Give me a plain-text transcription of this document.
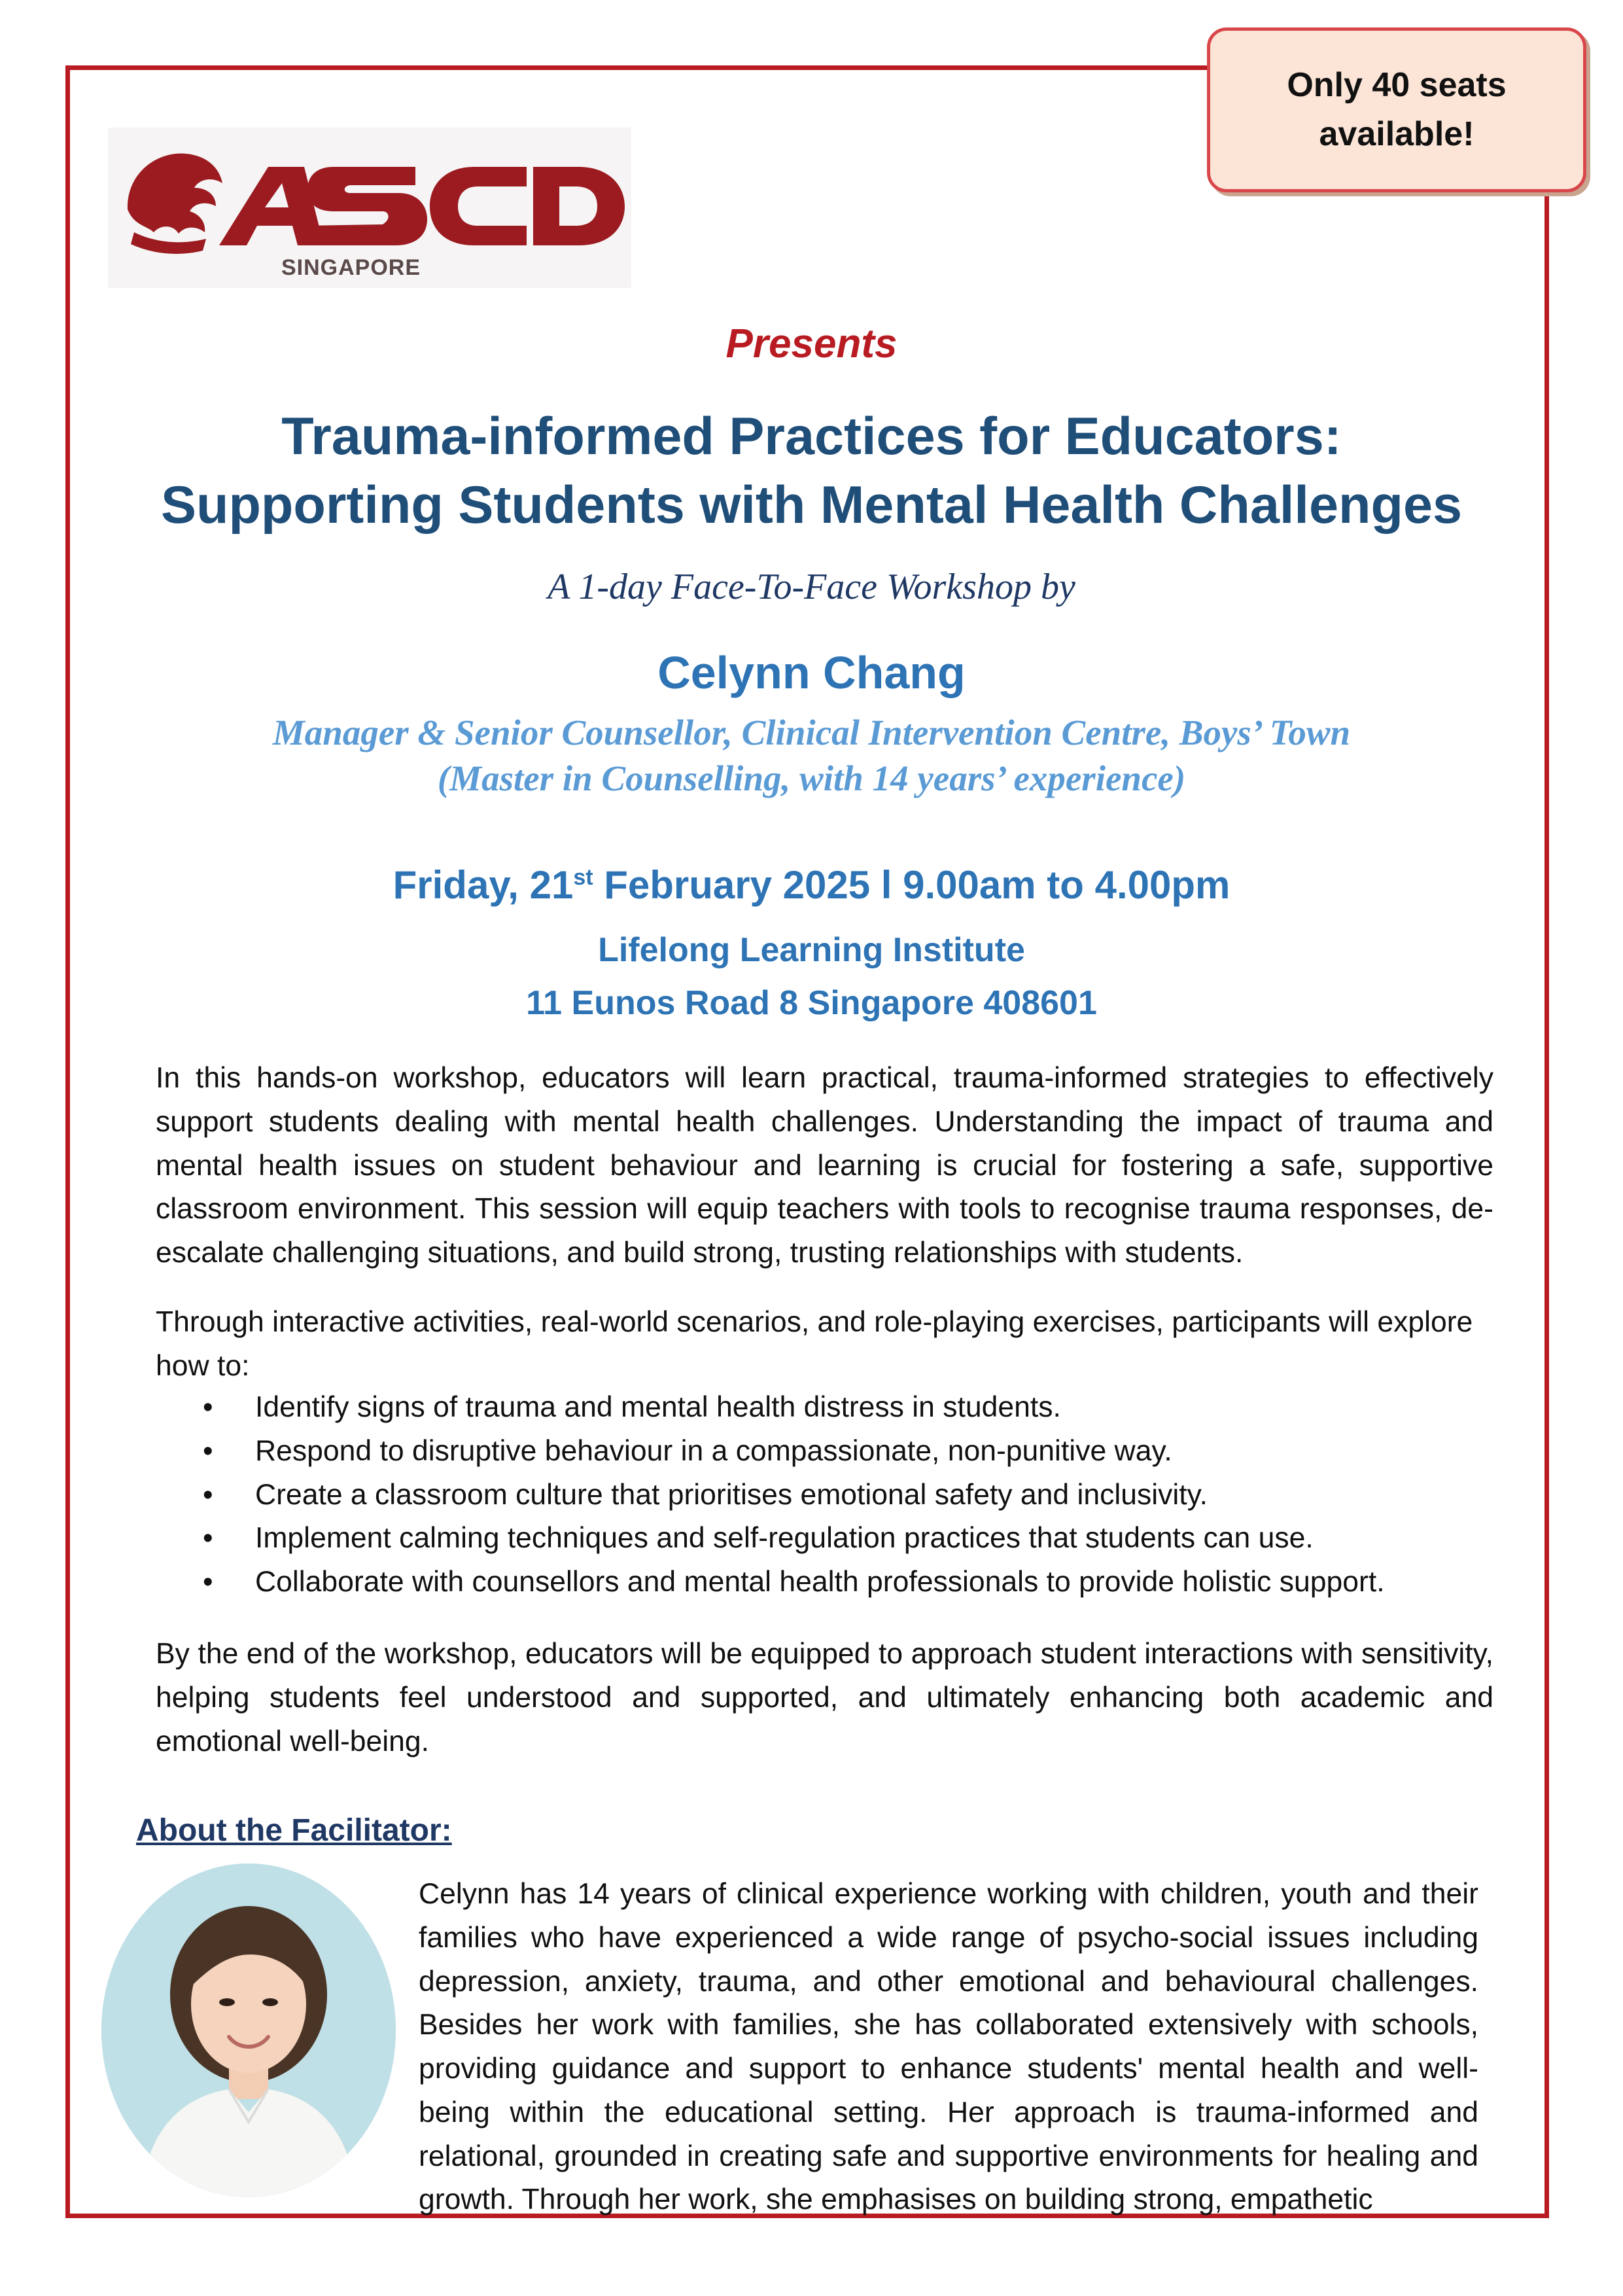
Only 40 seats
available!
SINGAPORE
Presents
Trauma-informed Practices for Educators:
Supporting Students with Mental Health Challenges
A 1-day Face-To-Face Workshop by
Celynn Chang
Manager & Senior Counsellor, Clinical Intervention Centre, Boys’ Town
(Master in Counselling, with 14 years’ experience)
Friday, 21st February 2025 l 9.00am to 4.00pm
Lifelong Learning Institute
11 Eunos Road 8 Singapore 408601
In this hands-on workshop, educators will learn practical, trauma-informed strategies to effectively support students dealing with mental health challenges. Understanding the impact of trauma and mental health issues on student behaviour and learning is crucial for fostering a safe, supportive classroom environment. This session will equip teachers with tools to recognise trauma responses, de-escalate challenging situations, and build strong, trusting relationships with students.
Through interactive activities, real-world scenarios, and role-playing exercises, participants will explore how to:
• Identify signs of trauma and mental health distress in students.
• Respond to disruptive behaviour in a compassionate, non-punitive way.
• Create a classroom culture that prioritises emotional safety and inclusivity.
• Implement calming techniques and self-regulation practices that students can use.
• Collaborate with counsellors and mental health professionals to provide holistic support.
By the end of the workshop, educators will be equipped to approach student interactions with sensitivity, helping students feel understood and supported, and ultimately enhancing both academic and emotional well-being.
About the Facilitator:
Celynn has 14 years of clinical experience working with children, youth and their families who have experienced a wide range of psycho-social issues including depression, anxiety, trauma, and other emotional and behavioural challenges. Besides her work with families, she has collaborated extensively with schools, providing guidance and support to enhance students' mental health and well-being within the educational setting. Her approach is trauma-informed and relational, grounded in creating safe and supportive environments for healing and growth. Through her work, she emphasises on building strong, empathetic
